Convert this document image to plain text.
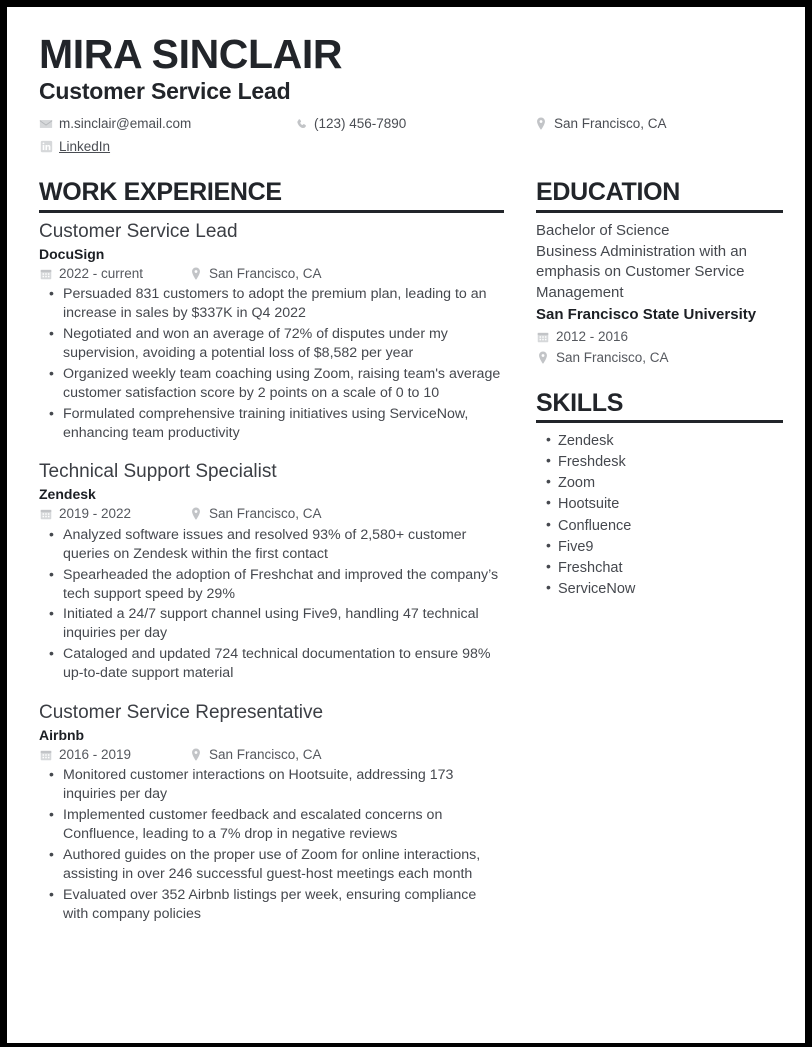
MIRA SINCLAIR
Customer Service Lead
m.sinclair@email.com	(123) 456-7890	San Francisco, CA
LinkedIn
WORK EXPERIENCE
Customer Service Lead
DocuSign
2022 - current	San Francisco, CA
• Persuaded 831 customers to adopt the premium plan, leading to an increase in sales by $337K in Q4 2022
• Negotiated and won an average of 72% of disputes under my supervision, avoiding a potential loss of $8,582 per year
• Organized weekly team coaching using Zoom, raising team's average customer satisfaction score by 2 points on a scale of 0 to 10
• Formulated comprehensive training initiatives using ServiceNow, enhancing team productivity
Technical Support Specialist
Zendesk
2019 - 2022	San Francisco, CA
• Analyzed software issues and resolved 93% of 2,580+ customer queries on Zendesk within the first contact
• Spearheaded the adoption of Freshchat and improved the company’s tech support speed by 29%
• Initiated a 24/7 support channel using Five9, handling 47 technical inquiries per day
• Cataloged and updated 724 technical documentation to ensure 98% up-to-date support material
Customer Service Representative
Airbnb
2016 - 2019	San Francisco, CA
• Monitored customer interactions on Hootsuite, addressing 173 inquiries per day
• Implemented customer feedback and escalated concerns on Confluence, leading to a 7% drop in negative reviews
• Authored guides on the proper use of Zoom for online interactions, assisting in over 246 successful guest-host meetings each month
• Evaluated over 352 Airbnb listings per week, ensuring compliance with company policies
EDUCATION
Bachelor of Science
Business Administration with an emphasis on Customer Service Management
San Francisco State University
2012 - 2016
San Francisco, CA
SKILLS
• Zendesk
• Freshdesk
• Zoom
• Hootsuite
• Confluence
• Five9
• Freshchat
• ServiceNow
